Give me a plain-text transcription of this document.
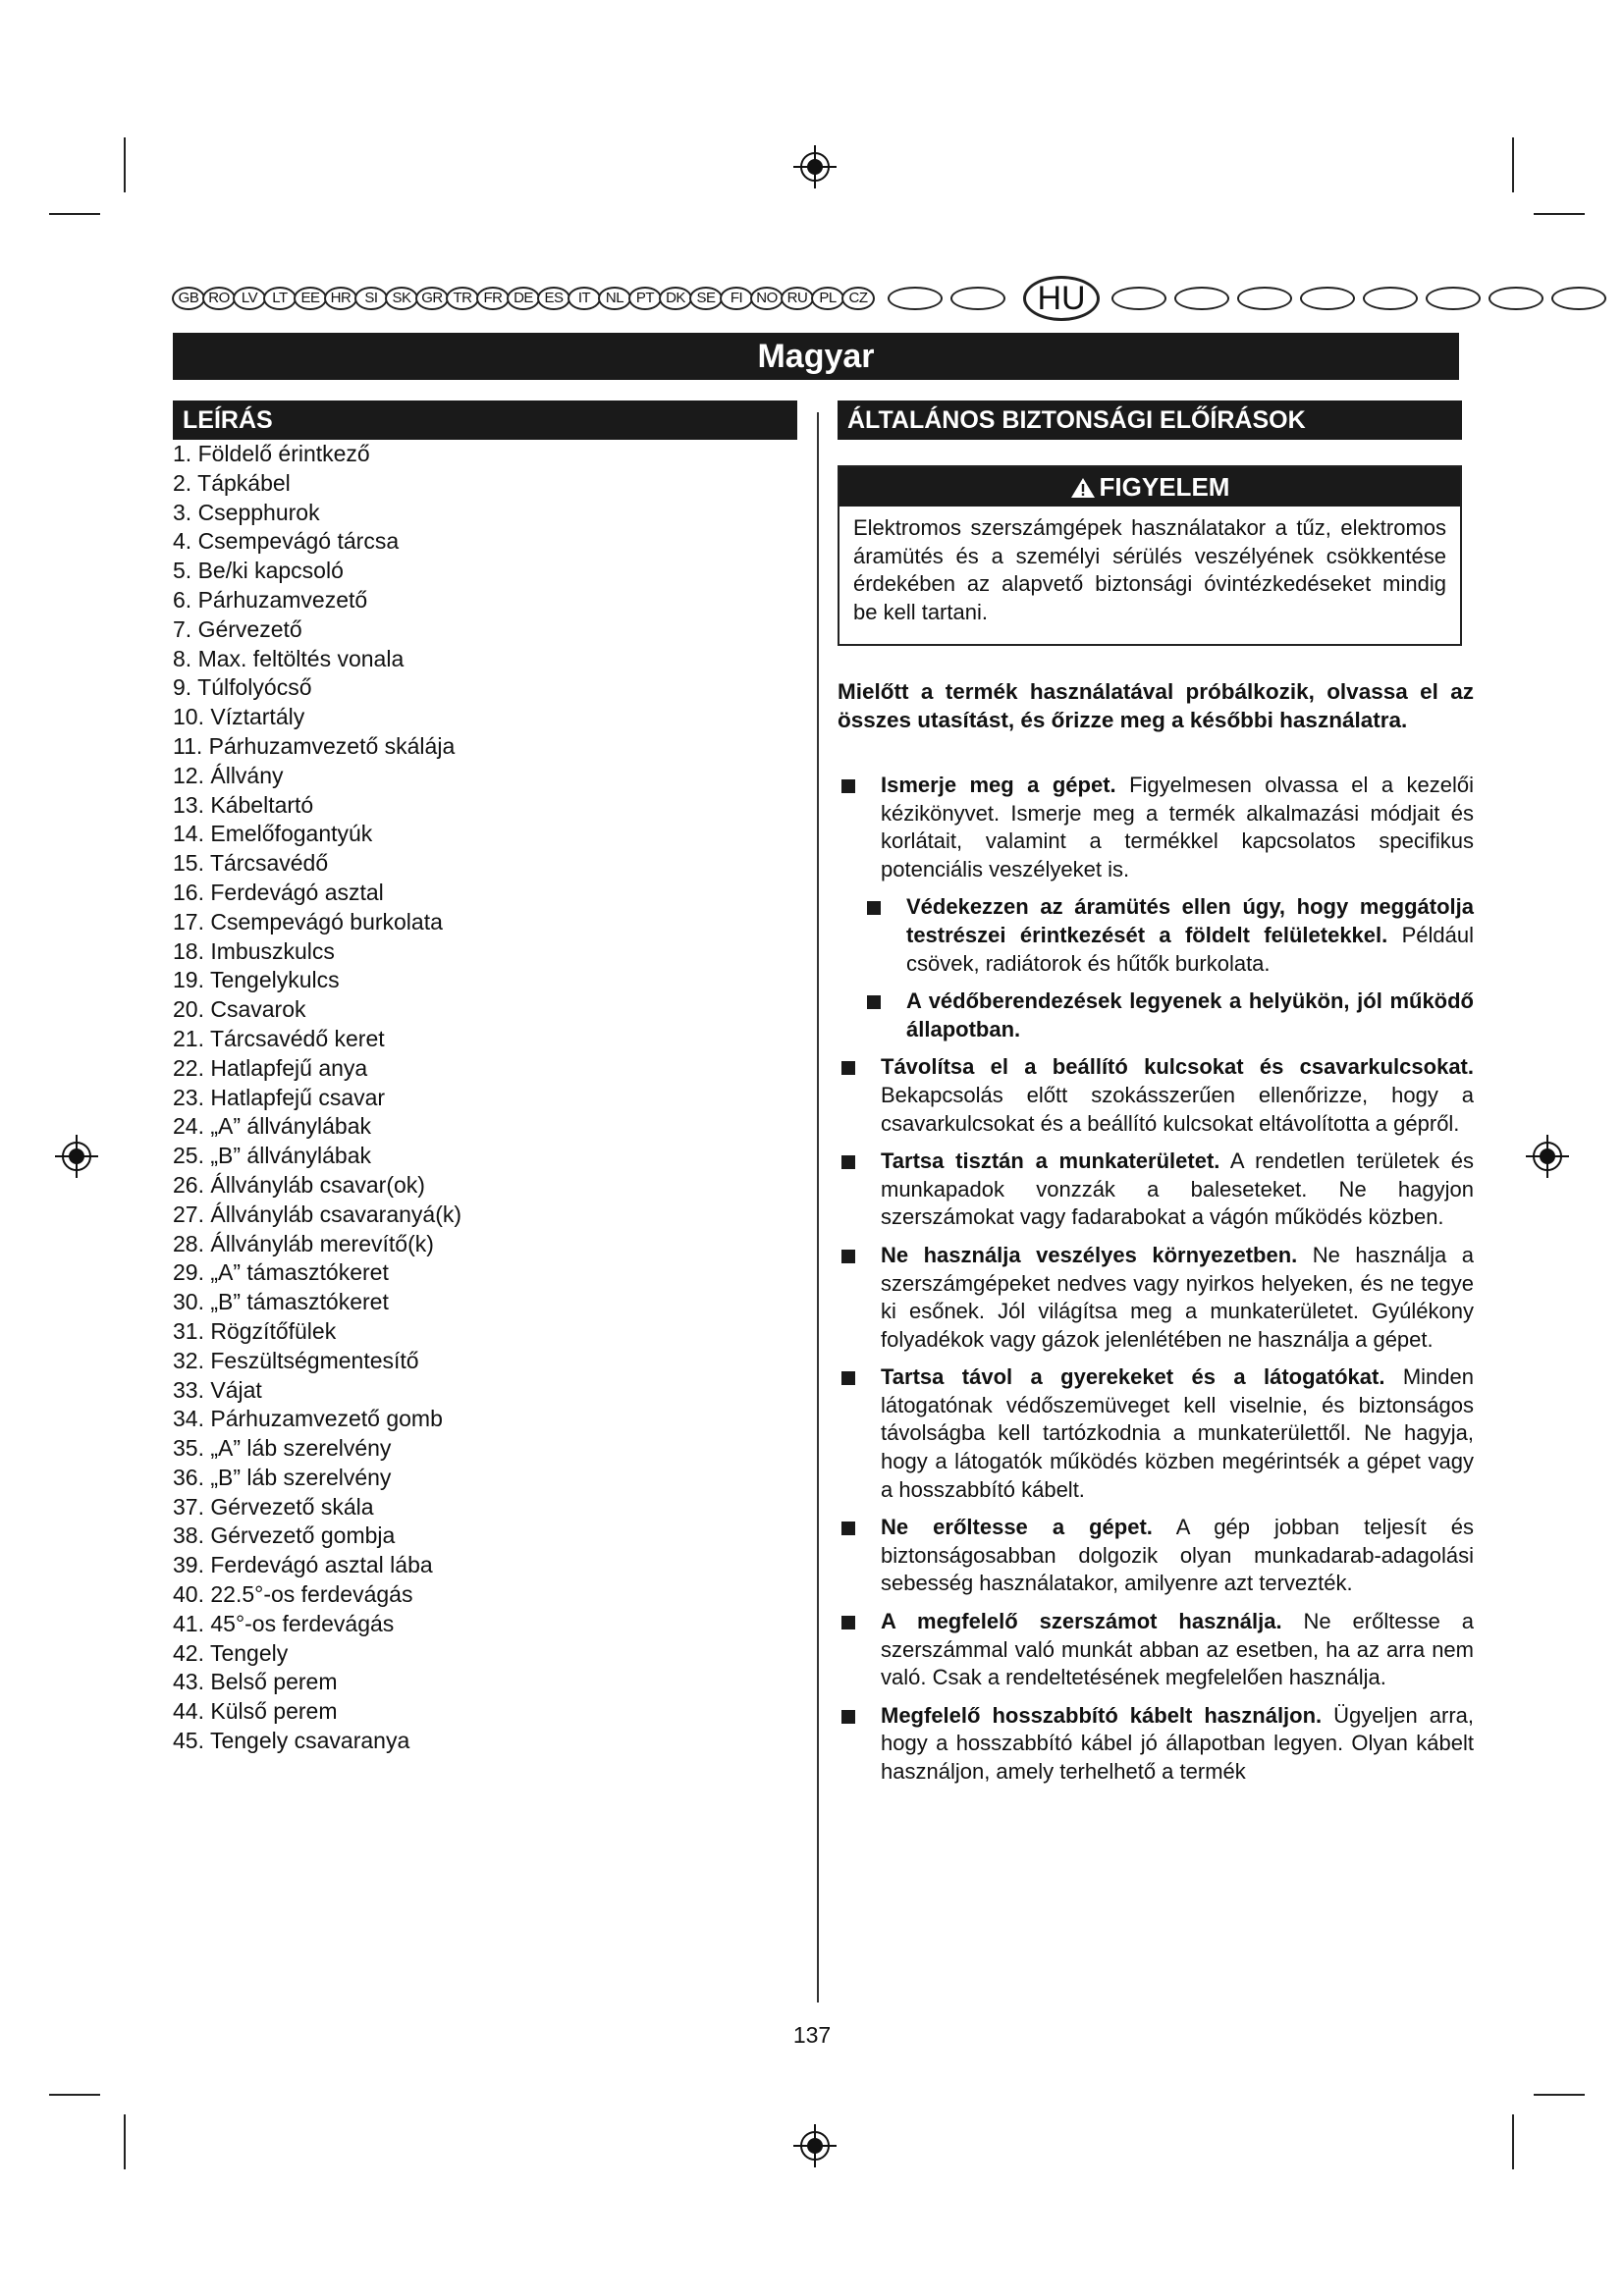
GB RO LV	LT EE HR SI SK GR TR FR DE ES	IT	NL PT DK SE	FI NO RU PL CZ	HU
Magyar
LEÍRÁS
1. Földelő érintkező
2. Tápkábel
3. Csepphurok
4. Csempevágó tárcsa
5. Be/ki kapcsoló
6. Párhuzamvezető
7. Gérvezető
8. Max. feltöltés vonala
9. Túlfolyócső
10. Víztartály
11. Párhuzamvezető skálája
12. Állvány
13. Kábeltartó
14. Emelőfogantyúk
15. Tárcsavédő
16. Ferdevágó asztal
17. Csempevágó burkolata
18. Imbuszkulcs
19. Tengelykulcs
20. Csavarok
21. Tárcsavédő keret
22. Hatlapfejű anya
23. Hatlapfejű csavar
24. „A” állványlábak
25. „B” állványlábak
26. Állványláb csavar(ok)
27. Állványláb csavaranyá(k)
28. Állványláb merevítő(k)
29. „A” támasztókeret
30. „B” támasztókeret
31. Rögzítőfülek
32. Feszültségmentesítő
33. Vájat
34. Párhuzamvezető gomb
35. „A” láb szerelvény
36. „B” láb szerelvény
37. Gérvezető skála
38. Gérvezető gombja
39. Ferdevágó asztal lába
40. 22.5°-os ferdevágás
41. 45°-os ferdevágás
42. Tengely
43. Belső perem
44. Külső perem
45. Tengely csavaranya
ÁLTALÁNOS BIZTONSÁGI ELŐÍRÁSOK
FIGYELEM
Elektromos szerszámgépek használatakor a tűz, elektromos áramütés és a személyi sérülés veszélyének csökkentése érdekében az alapvető biztonsági óvintézkedéseket mindig be kell tartani.
Mielőtt a termék használatával próbálkozik, olvassa el az összes utasítást, és őrizze meg a későbbi használatra.
Ismerje meg a gépet. Figyelmesen olvassa el a kezelői kézikönyvet. Ismerje meg a termék alkalmazási módjait és korlátait, valamint a termékkel kapcsolatos specifikus potenciális veszélyeket is.
Védekezzen az áramütés ellen úgy, hogy meggátolja testrészei érintkezését a földelt felületekkel. Például csövek, radiátorok és hűtők burkolata.
A védőberendezések legyenek a helyükön, jól működő állapotban.
Távolítsa el a beállító kulcsokat és csavarkulcsokat. Bekapcsolás előtt szokásszerűen ellenőrizze, hogy a csavarkulcsokat és a beállító kulcsokat eltávolította a gépről.
Tartsa tisztán a munkaterületet. A rendetlen területek és munkapadok vonzzák a baleseteket. Ne hagyjon szerszámokat vagy fadarabokat a vágón működés közben.
Ne használja veszélyes környezetben. Ne használja a szerszámgépeket nedves vagy nyirkos helyeken, és ne tegye ki esőnek. Jól világítsa meg a munkaterületet. Gyúlékony folyadékok vagy gázok jelenlétében ne használja a gépet.
Tartsa távol a gyerekeket és a látogatókat. Minden látogatónak védőszemüveget kell viselnie, és biztonságos távolságba kell tartózkodnia a munkaterülettől. Ne hagyja, hogy a látogatók működés közben megérintsék a gépet vagy a hosszabbító kábelt.
Ne erőltesse a gépet. A gép jobban teljesít és biztonságosabban dolgozik olyan munkadarab-adagolási sebesség használatakor, amilyenre azt tervezték.
A megfelelő szerszámot használja. Ne erőltesse a szerszámmal való munkát abban az esetben, ha az arra nem való. Csak a rendeltetésének megfelelően használja.
Megfelelő hosszabbító kábelt használjon. Ügyeljen arra, hogy a hosszabbító kábel jó állapotban legyen. Olyan kábelt használjon, amely terhelhető a termék
137
